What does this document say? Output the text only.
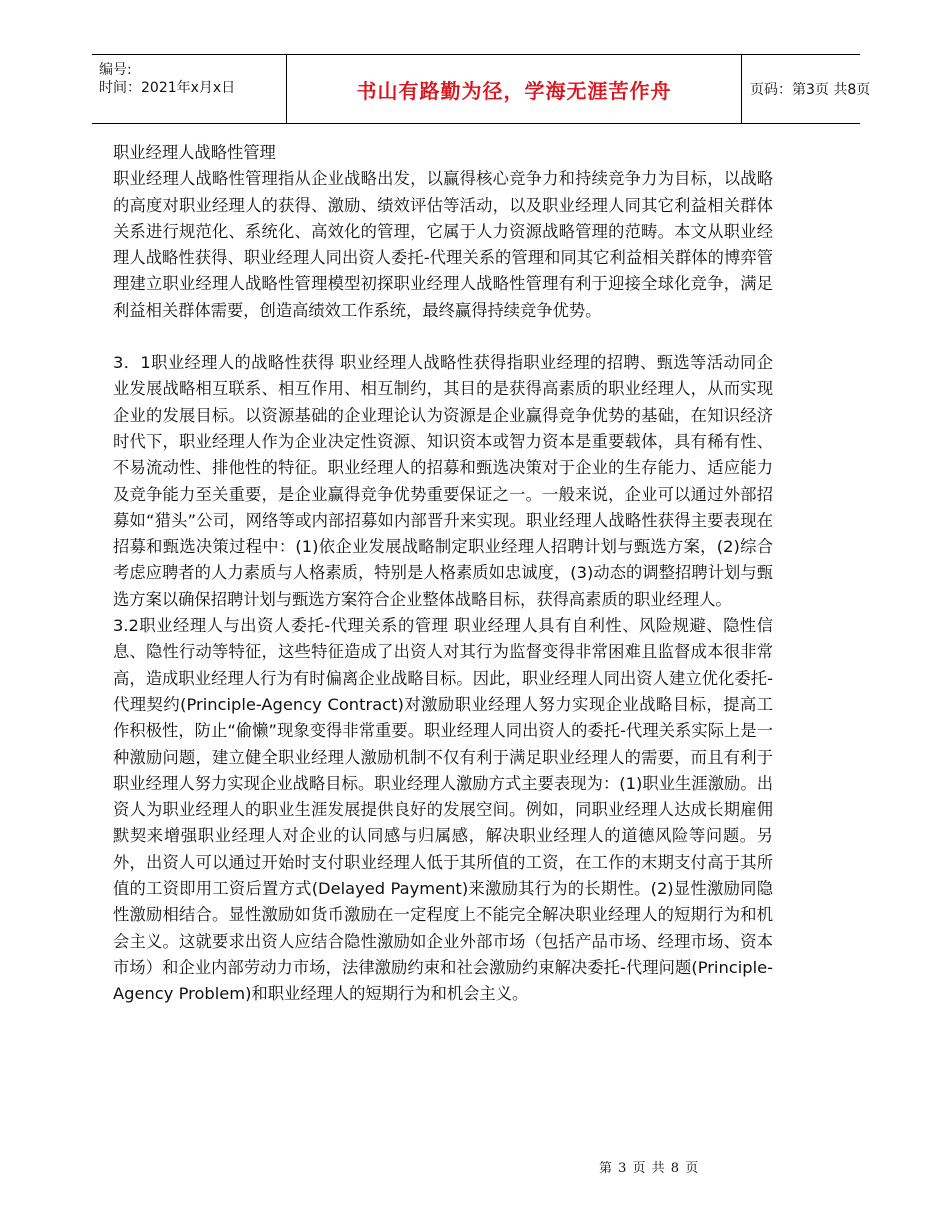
编号:
时间：2021年x月x日	书山有路勤为径，学海无涯苦作舟	页码：第3页 共8页

职业经理人战略性管理

职业经理人战略性管理指从企业战略出发，以赢得核心竞争力和持续竞争力为目标，以战略的高度对职业经理人的获得、激励、绩效评估等活动，以及职业经理人同其它利益相关群体关系进行规范化、系统化、高效化的管理，它属于人力资源战略管理的范畴。本文从职业经理人战略性获得、职业经理人同出资人委托-代理关系的管理和同其它利益相关群体的博弈管理建立职业经理人战略性管理模型初探职业经理人战略性管理有利于迎接全球化竞争，满足利益相关群体需要，创造高绩效工作系统，最终赢得持续竞争优势。

3．1职业经理人的战略性获得 职业经理人战略性获得指职业经理的招聘、甄选等活动同企业发展战略相互联系、相互作用、相互制约，其目的是获得高素质的职业经理人，从而实现企业的发展目标。以资源基础的企业理论认为资源是企业赢得竞争优势的基础，在知识经济时代下，职业经理人作为企业决定性资源、知识资本或智力资本是重要载体，具有稀有性、不易流动性、排他性的特征。职业经理人的招募和甄选决策对于企业的生存能力、适应能力及竞争能力至关重要，是企业赢得竞争优势重要保证之一。一般来说，企业可以通过外部招募如“猎头”公司，网络等或内部招募如内部晋升来实现。职业经理人战略性获得主要表现在招募和甄选决策过程中：(1)依企业发展战略制定职业经理人招聘计划与甄选方案，(2)综合考虑应聘者的人力素质与人格素质，特别是人格素质如忠诚度，(3)动态的调整招聘计划与甄选方案以确保招聘计划与甄选方案符合企业整体战略目标，获得高素质的职业经理人。

3.2职业经理人与出资人委托-代理关系的管理 职业经理人具有自利性、风险规避、隐性信息、隐性行动等特征，这些特征造成了出资人对其行为监督变得非常困难且监督成本很非常高，造成职业经理人行为有时偏离企业战略目标。因此，职业经理人同出资人建立优化委托-代理契约(Principle-Agency Contract)对激励职业经理人努力实现企业战略目标，提高工作积极性，防止“偷懒”现象变得非常重要。职业经理人同出资人的委托-代理关系实际上是一种激励问题，建立健全职业经理人激励机制不仅有利于满足职业经理人的需要，而且有利于职业经理人努力实现企业战略目标。职业经理人激励方式主要表现为：(1)职业生涯激励。出资人为职业经理人的职业生涯发展提供良好的发展空间。例如，同职业经理人达成长期雇佣默契来增强职业经理人对企业的认同感与归属感，解决职业经理人的道德风险等问题。另外，出资人可以通过开始时支付职业经理人低于其所值的工资，在工作的末期支付高于其所值的工资即用工资后置方式(Delayed Payment)来激励其行为的长期性。(2)显性激励同隐性激励相结合。显性激励如货币激励在一定程度上不能完全解决职业经理人的短期行为和机会主义。这就要求出资人应结合隐性激励如企业外部市场（包括产品市场、经理市场、资本市场）和企业内部劳动力市场，法律激励约束和社会激励约束解决委托-代理问题(Principle-Agency Problem)和职业经理人的短期行为和机会主义。

第 3 页 共 8 页
